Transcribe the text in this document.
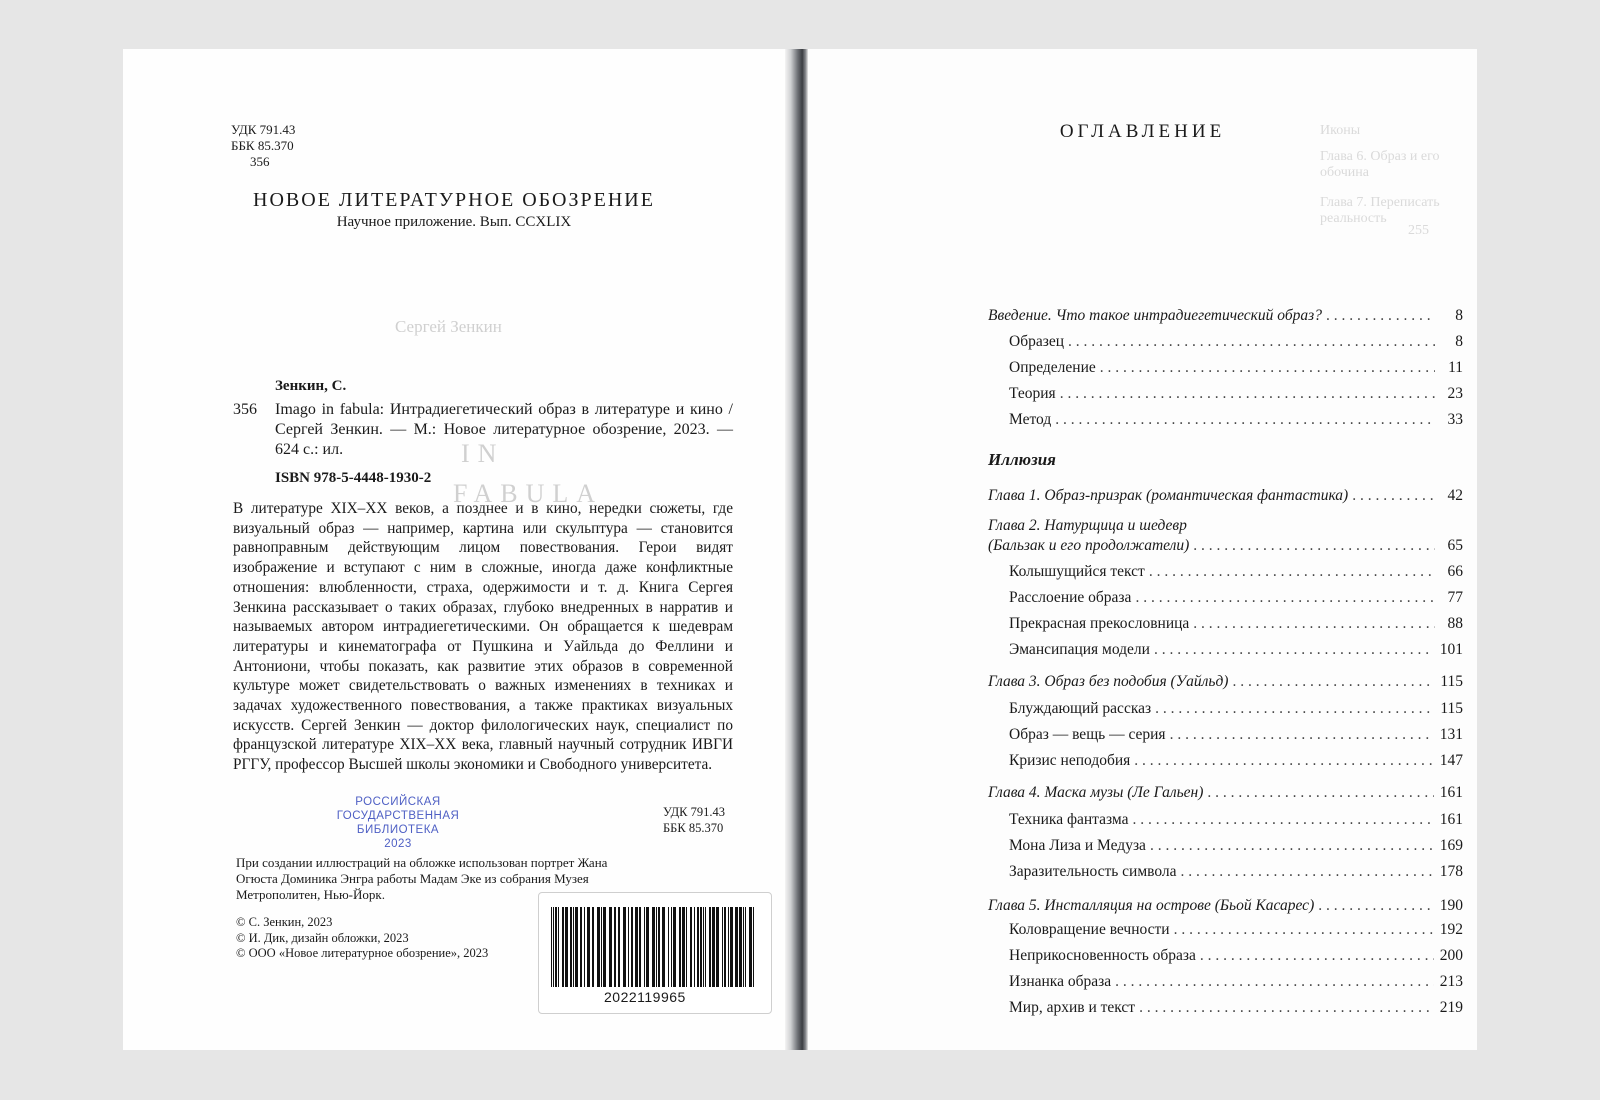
Сергей Зенкин
IN
FABULA
УДК 791.43
ББК 85.370
356
НОВОЕ ЛИТЕРАТУРНОЕ ОБОЗРЕНИЕ
Научное приложение. Вып. CCXLIX
Зенкин, С.
356 Imago in fabula: Интрадиегетический образ в литературе и кино / Сергей Зенкин. — М.: Новое литературное обозрение, 2023. — 624 с.: ил.
ISBN 978-5-4448-1930-2
В литературе XIX–XX веков, а позднее и в кино, нередки сюжеты, где визуальный образ — например, картина или скульптура — становится равноправным действующим лицом повествования. Герои видят изображение и вступают с ним в сложные, иногда даже конфликтные отношения: влюбленности, страха, одержимости и т. д. Книга Сергея Зенкина рассказывает о таких образах, глубоко внедренных в нарратив и называемых автором интрадиегетическими. Он обращается к шедеврам литературы и кинематографа от Пушкина и Уайльда до Феллини и Антониони, чтобы показать, как развитие этих образов в современной культуре может свидетельствовать о важных изменениях в техниках и задачах художественного повествования, а также практиках визуальных искусств. Сергей Зенкин — доктор филологических наук, специалист по французской литературе XIX–XX века, главный научный сотрудник ИВГИ РГГУ, профессор Высшей школы экономики и Свободного университета.
РОССИЙСКАЯ
ГОСУДАРСТВЕННАЯ
БИБЛИОТЕКА
2023
УДК 791.43
ББК 85.370
При создании иллюстраций на обложке использован портрет Жана Огюста Доминика Энгра работы Мадам Эке из собрания Музея Метрополитен, Нью-Йорк.
© С. Зенкин, 2023
© И. Дик, дизайн обложки, 2023
© ООО «Новое литературное обозрение», 2023
2022119965
Иконы
Глава 6. Образ и его обочина
Глава 7. Переписать реальность
255
ОГЛАВЛЕНИЕ
Введение. Что такое интрадиегетический образ? . . .	8
Образец . . .	8
Определение . . .	11
Теория . . .	23
Метод . . .	33
Иллюзия
Глава 1. Образ-призрак (романтическая фантастика) . . .	42
Глава 2. Натурщица и шедевр
(Бальзак и его продолжатели) . . .	65
Колышущийся текст . . .	66
Расслоение образа . . .	77
Прекрасная прекословница . . .	88
Эмансипация модели . . .	101
Глава 3. Образ без подобия (Уайльд) . . .	115
Блуждающий рассказ . . .	115
Образ — вещь — серия . . .	131
Кризис неподобия . . .	147
Глава 4. Маска музы (Ле Гальен) . . .	161
Техника фантазма . . .	161
Мона Лиза и Медуза . . .	169
Заразительность символа . . .	178
Глава 5. Инсталляция на острове (Бьой Касарес) . . .	190
Коловращение вечности . . .	192
Неприкосновенность образа . . .	200
Изнанка образа . . .	213
Мир, архив и текст . . .	219
